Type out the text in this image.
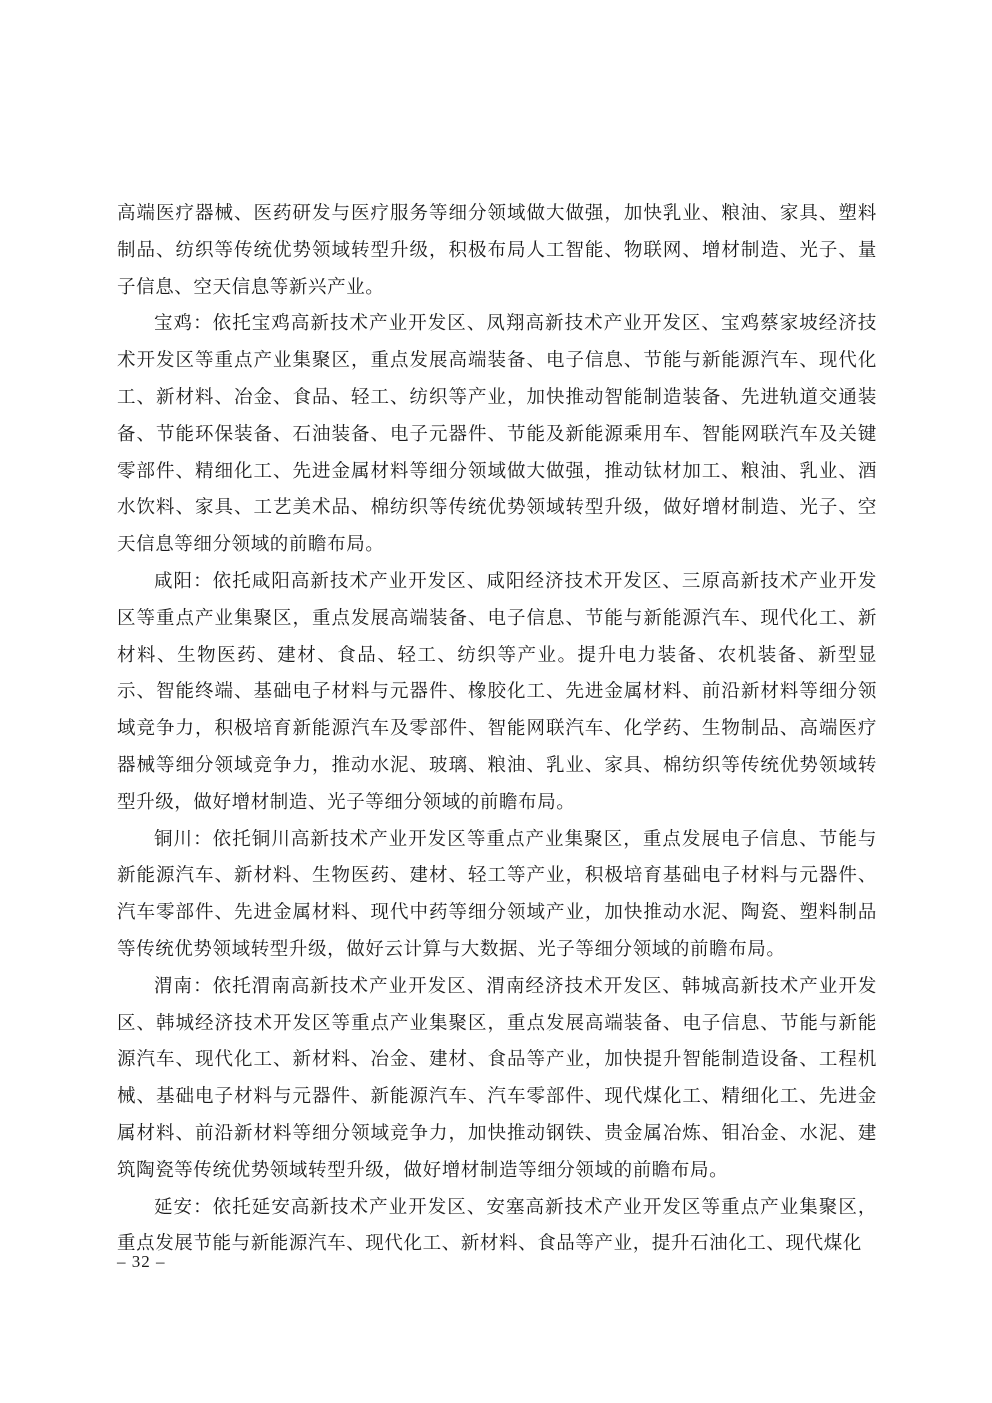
高端医疗器械、医药研发与医疗服务等细分领域做大做强，加快乳业、粮油、家具、塑料制品、纺织等传统优势领域转型升级，积极布局人工智能、物联网、增材制造、光子、量子信息、空天信息等新兴产业。

宝鸡：依托宝鸡高新技术产业开发区、凤翔高新技术产业开发区、宝鸡蔡家坡经济技术开发区等重点产业集聚区，重点发展高端装备、电子信息、节能与新能源汽车、现代化工、新材料、冶金、食品、轻工、纺织等产业，加快推动智能制造装备、先进轨道交通装备、节能环保装备、石油装备、电子元器件、节能及新能源乘用车、智能网联汽车及关键零部件、精细化工、先进金属材料等细分领域做大做强，推动钛材加工、粮油、乳业、酒水饮料、家具、工艺美术品、棉纺织等传统优势领域转型升级，做好增材制造、光子、空天信息等细分领域的前瞻布局。

咸阳：依托咸阳高新技术产业开发区、咸阳经济技术开发区、三原高新技术产业开发区等重点产业集聚区，重点发展高端装备、电子信息、节能与新能源汽车、现代化工、新材料、生物医药、建材、食品、轻工、纺织等产业。提升电力装备、农机装备、新型显示、智能终端、基础电子材料与元器件、橡胶化工、先进金属材料、前沿新材料等细分领域竞争力，积极培育新能源汽车及零部件、智能网联汽车、化学药、生物制品、高端医疗器械等细分领域竞争力，推动水泥、玻璃、粮油、乳业、家具、棉纺织等传统优势领域转型升级，做好增材制造、光子等细分领域的前瞻布局。

铜川：依托铜川高新技术产业开发区等重点产业集聚区，重点发展电子信息、节能与新能源汽车、新材料、生物医药、建材、轻工等产业，积极培育基础电子材料与元器件、汽车零部件、先进金属材料、现代中药等细分领域产业，加快推动水泥、陶瓷、塑料制品等传统优势领域转型升级，做好云计算与大数据、光子等细分领域的前瞻布局。

渭南：依托渭南高新技术产业开发区、渭南经济技术开发区、韩城高新技术产业开发区、韩城经济技术开发区等重点产业集聚区，重点发展高端装备、电子信息、节能与新能源汽车、现代化工、新材料、冶金、建材、食品等产业，加快提升智能制造设备、工程机械、基础电子材料与元器件、新能源汽车、汽车零部件、现代煤化工、精细化工、先进金属材料、前沿新材料等细分领域竞争力，加快推动钢铁、贵金属冶炼、钼冶金、水泥、建筑陶瓷等传统优势领域转型升级，做好增材制造等细分领域的前瞻布局。

延安：依托延安高新技术产业开发区、安塞高新技术产业开发区等重点产业集聚区，重点发展节能与新能源汽车、现代化工、新材料、食品等产业，提升石油化工、现代煤化

– 32 –
